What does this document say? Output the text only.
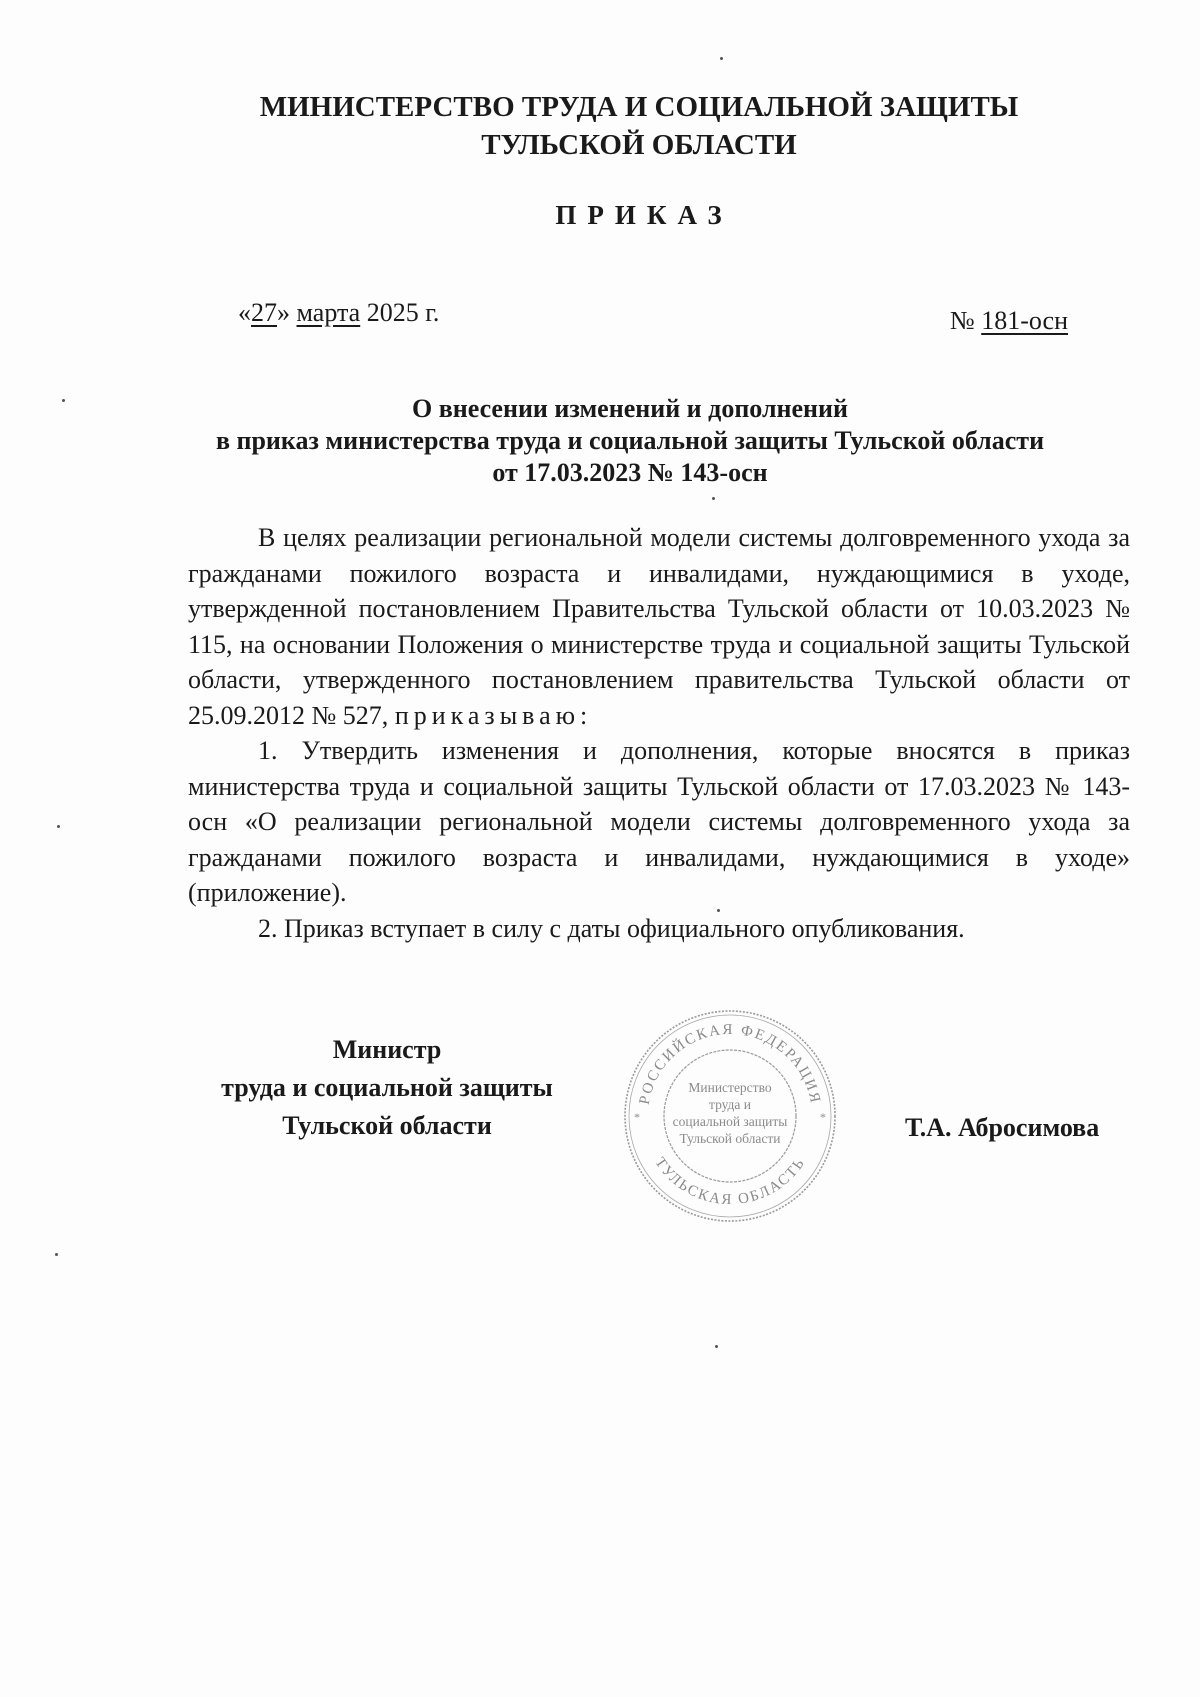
МИНИСТЕРСТВО ТРУДА И СОЦИАЛЬНОЙ ЗАЩИТЫ
ТУЛЬСКОЙ ОБЛАСТИ
ПРИКАЗ
«27» марта 2025 г.	№ 181-осн
О внесении изменений и дополнений
в приказ министерства труда и социальной защиты Тульской области
от 17.03.2023 № 143-осн

В целях реализации региональной модели системы долговременного ухода за гражданами пожилого возраста и инвалидами, нуждающимися в уходе, утвержденной постановлением Правительства Тульской области от 10.03.2023 № 115, на основании Положения о министерстве труда и социальной защиты Тульской области, утвержденного постановлением правительства Тульской области от 25.09.2012 № 527, приказываю:

1. Утвердить изменения и дополнения, которые вносятся в приказ министерства труда и социальной защиты Тульской области от 17.03.2023 № 143-осн «О реализации региональной модели системы долговременного ухода за гражданами пожилого возраста и инвалидами, нуждающимися в уходе» (приложение).

2. Приказ вступает в силу с даты официального опубликования.

Министр
труда и социальной защиты
Тульской области
РОССИЙСКАЯ ФЕДЕРАЦИЯ
ТУЛЬСКАЯ ОБЛАСТЬ
*	*
Министерство
труда и
социальной защиты
Тульской области	Т.А. Абросимова
